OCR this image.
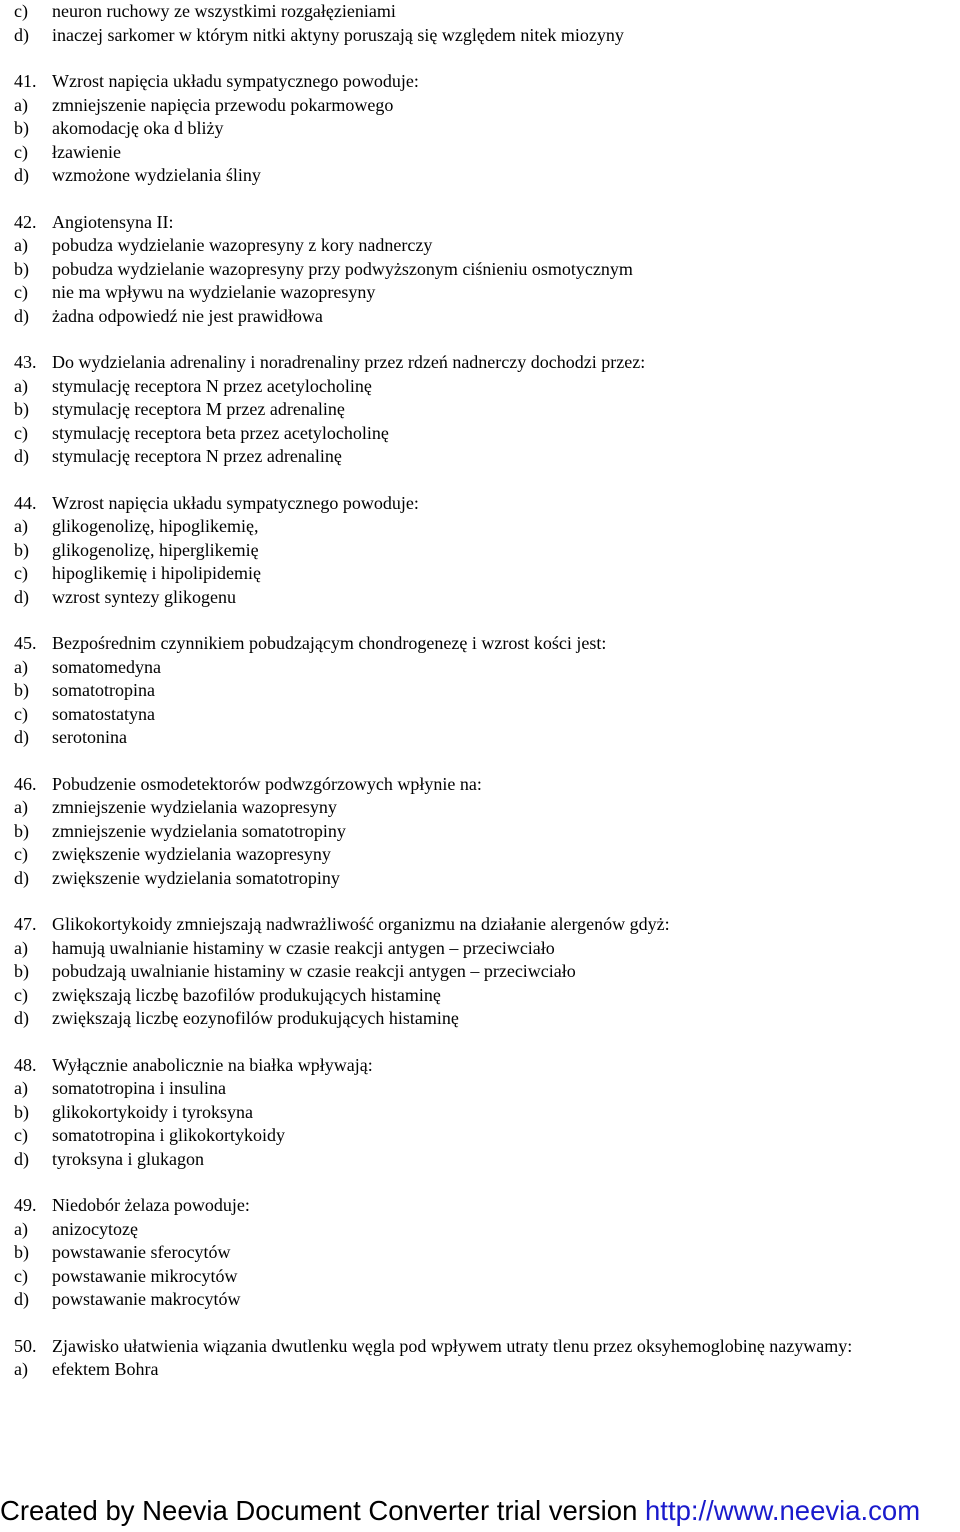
c)	neuron ruchowy ze wszystkimi rozgałęzieniami
d)	inaczej sarkomer w którym nitki aktyny poruszają się względem nitek miozyny
41. Wzrost napięcia układu sympatycznego powoduje:
a)	zmniejszenie napięcia przewodu pokarmowego
b)	akomodację oka d bliży
c)	łzawienie
d)	wzmożone wydzielania śliny
42. Angiotensyna II:
a)	pobudza wydzielanie wazopresyny z kory nadnerczy
b)	pobudza wydzielanie wazopresyny przy podwyższonym ciśnieniu osmotycznym
c)	nie ma wpływu na wydzielanie wazopresyny
d)	żadna odpowiedź nie jest prawidłowa
43. Do wydzielania adrenaliny i noradrenaliny przez rdzeń nadnerczy dochodzi przez:
a)	stymulację receptora N przez acetylocholinę
b)	stymulację receptora M przez adrenalinę
c)	stymulację receptora beta przez acetylocholinę
d)	stymulację receptora N przez adrenalinę
44. Wzrost napięcia układu sympatycznego powoduje:
a)	glikogenolizę, hipoglikemię,
b)	glikogenolizę, hiperglikemię
c)	hipoglikemię i hipolipidemię
d)	wzrost syntezy glikogenu
45. Bezpośrednim czynnikiem pobudzającym chondrogenezę i wzrost kości jest:
a)	somatomedyna
b)	somatotropina
c)	somatostatyna
d)	serotonina
46. Pobudzenie osmodetektorów podwzgórzowych wpłynie na:
a)	zmniejszenie wydzielania wazopresyny
b)	zmniejszenie wydzielania somatotropiny
c)	zwiększenie wydzielania wazopresyny
d)	zwiększenie wydzielania somatotropiny
47. Glikokortykoidy zmniejszają nadwrażliwość organizmu na działanie alergenów gdyż:
a)	hamują uwalnianie histaminy w czasie reakcji antygen – przeciwciało
b)	pobudzają uwalnianie histaminy w czasie reakcji antygen – przeciwciało
c)	zwiększają liczbę bazofilów produkujących histaminę
d)	zwiększają liczbę eozynofilów produkujących histaminę
48. Wyłącznie anabolicznie na białka wpływają:
a)	somatotropina i insulina
b)	glikokortykoidy i tyroksyna
c)	somatotropina i glikokortykoidy
d)	tyroksyna i glukagon
49. Niedobór żelaza powoduje:
a)	anizocytozę
b)	powstawanie sferocytów
c)	powstawanie mikrocytów
d)	powstawanie makrocytów
50. Zjawisko ułatwienia wiązania dwutlenku węgla pod wpływem utraty tlenu przez oksyhemoglobinę nazywamy:
a)	efektem Bohra
Created by Neevia Document Converter trial version http://www.neevia.com
